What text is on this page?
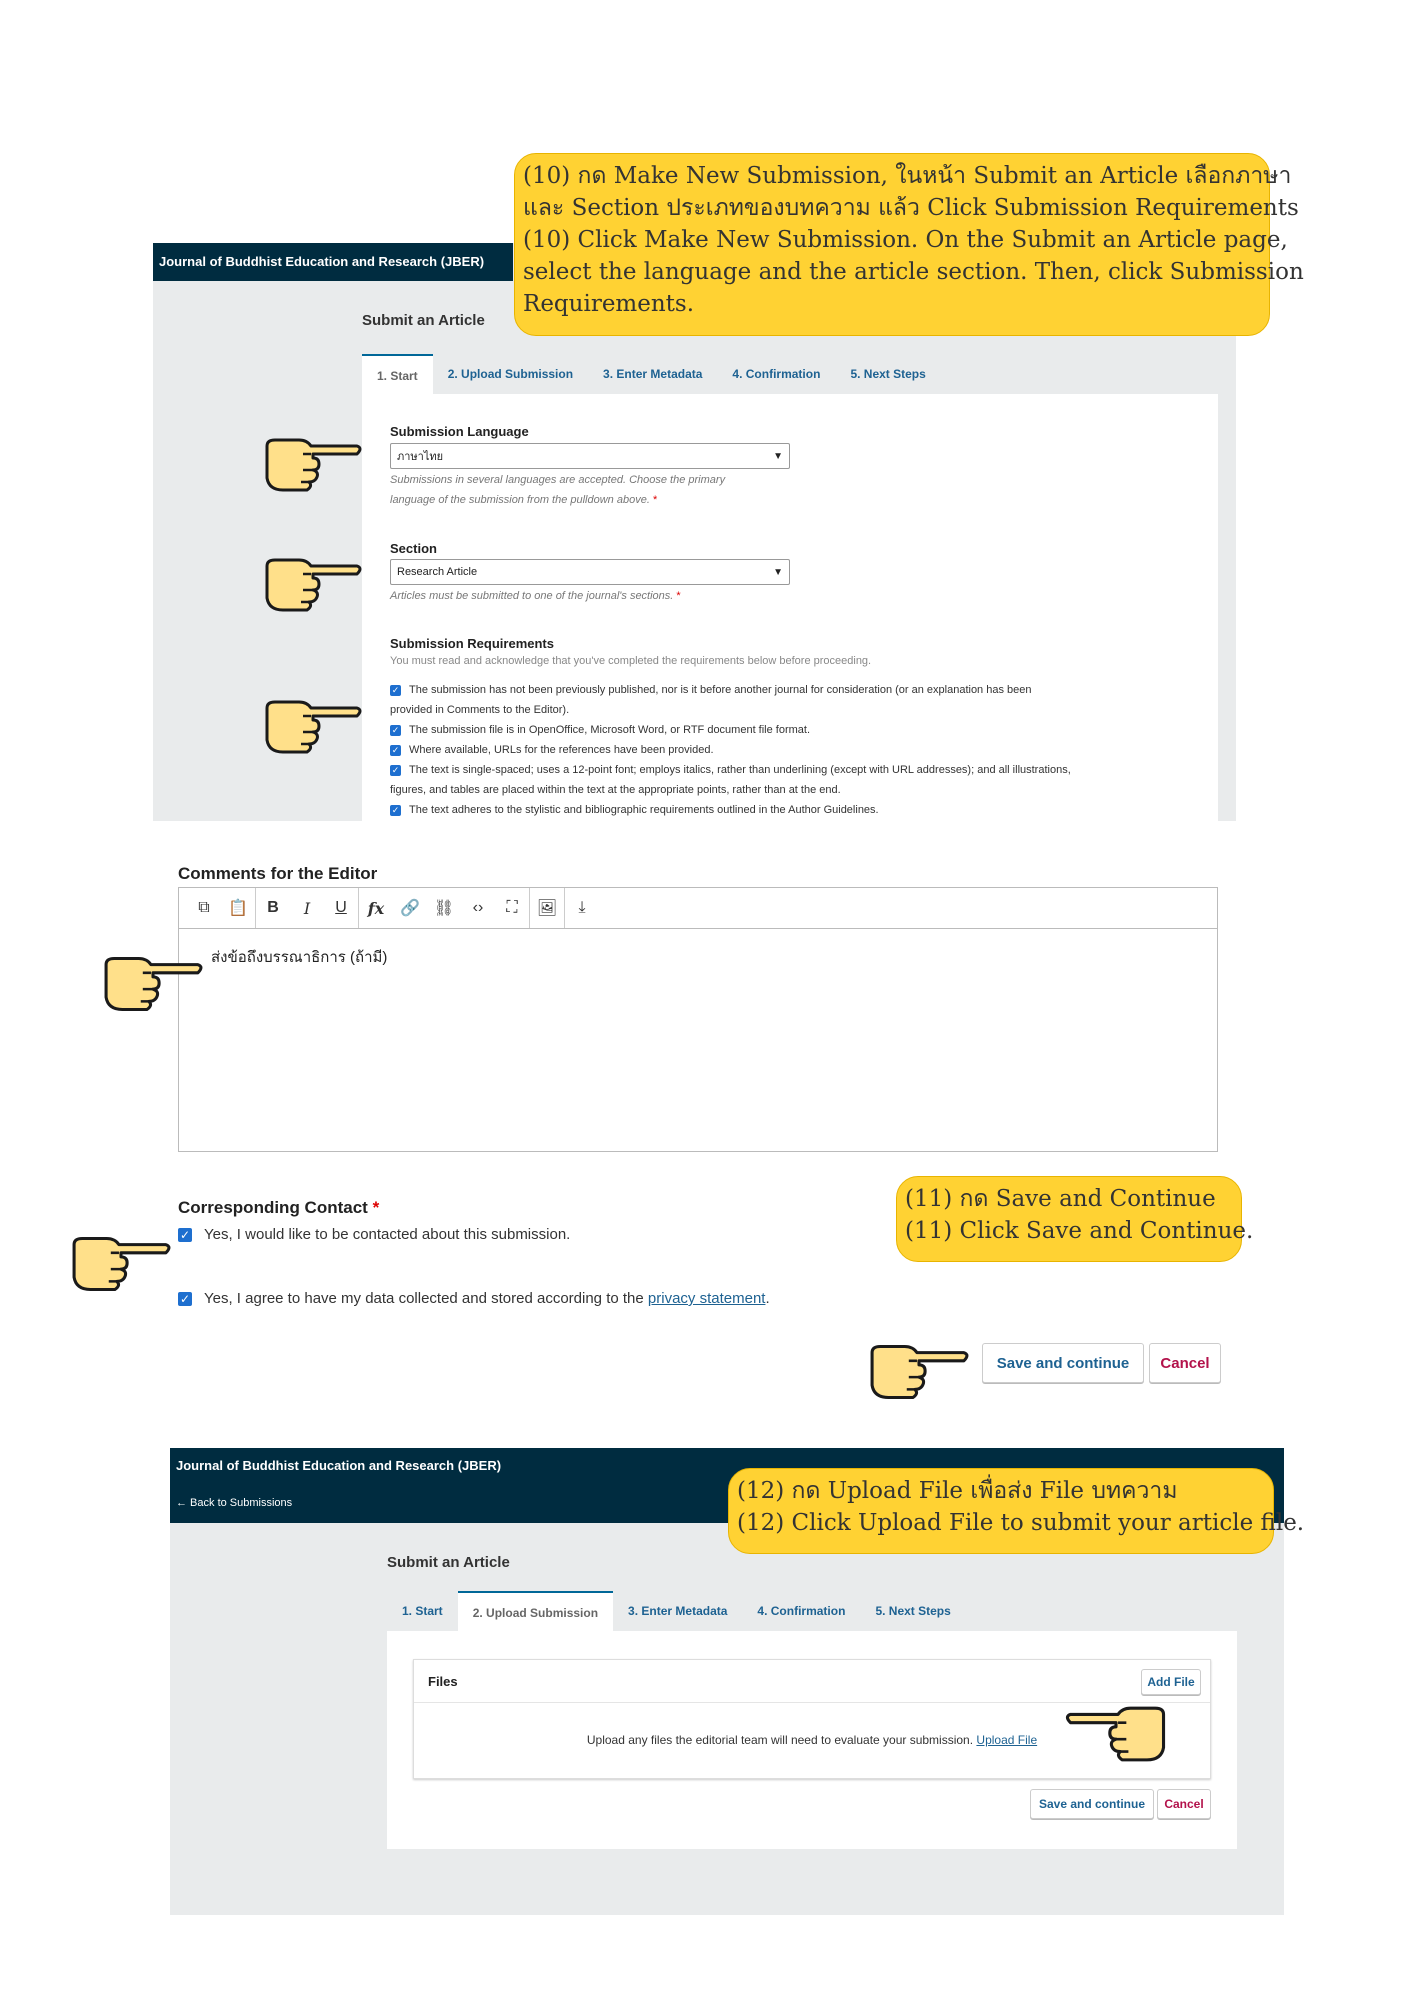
Journal of Buddhist Education and Research (JBER)
Submit an Article
1. Start	2. Upload Submission	3. Enter Metadata	4. Confirmation	5. Next Steps
Submission Language
ภาษาไทย	▼
Submissions in several languages are accepted. Choose the primary
language of the submission from the pulldown above. *
Section
Research Article	▼
Articles must be submitted to one of the journal's sections. *
Submission Requirements
You must read and acknowledge that you've completed the requirements below before proceeding.
✓ The submission has not been previously published, nor is it before another journal for consideration (or an explanation has been
provided in Comments to the Editor).
✓ The submission file is in OpenOffice, Microsoft Word, or RTF document file format.
✓ Where available, URLs for the references have been provided.
✓ The text is single-spaced; uses a 12-point font; employs italics, rather than underlining (except with URL addresses); and all illustrations,
figures, and tables are placed within the text at the appropriate points, rather than at the end.
✓ The text adheres to the stylistic and bibliographic requirements outlined in the Author Guidelines.
(10) กด Make New Submission, ในหน้า Submit an Article เลือกภาษา
และ Section ประเภทของบทความ แล้ว Click Submission Requirements
(10) Click Make New Submission. On the Submit an Article page,
select the language and the article section. Then, click Submission
Requirements.
Comments for the Editor
⧉	📋	B	I	U	fx 🔗 ⛓	‹›	⛶	🖼	⤓
ส่งข้อถึงบรรณาธิการ (ถ้ามี)
Corresponding Contact *
✓ Yes, I would like to be contacted about this submission.
✓ Yes, I agree to have my data collected and stored according to the privacy statement.
(11) กด Save and Continue
(11) Click Save and Continue.
Save and continue	Cancel
Journal of Buddhist Education and Research (JBER)
← Back to Submissions	(12) กด Upload File เพื่อส่ง File บทความ
(12) Click Upload File to submit your article file.
Submit an Article
1. Start	2. Upload Submission	3. Enter Metadata	4. Confirmation	5. Next Steps
Files	Add File
Upload any files the editorial team will need to evaluate your submission. Upload File
Save and continue	Cancel
